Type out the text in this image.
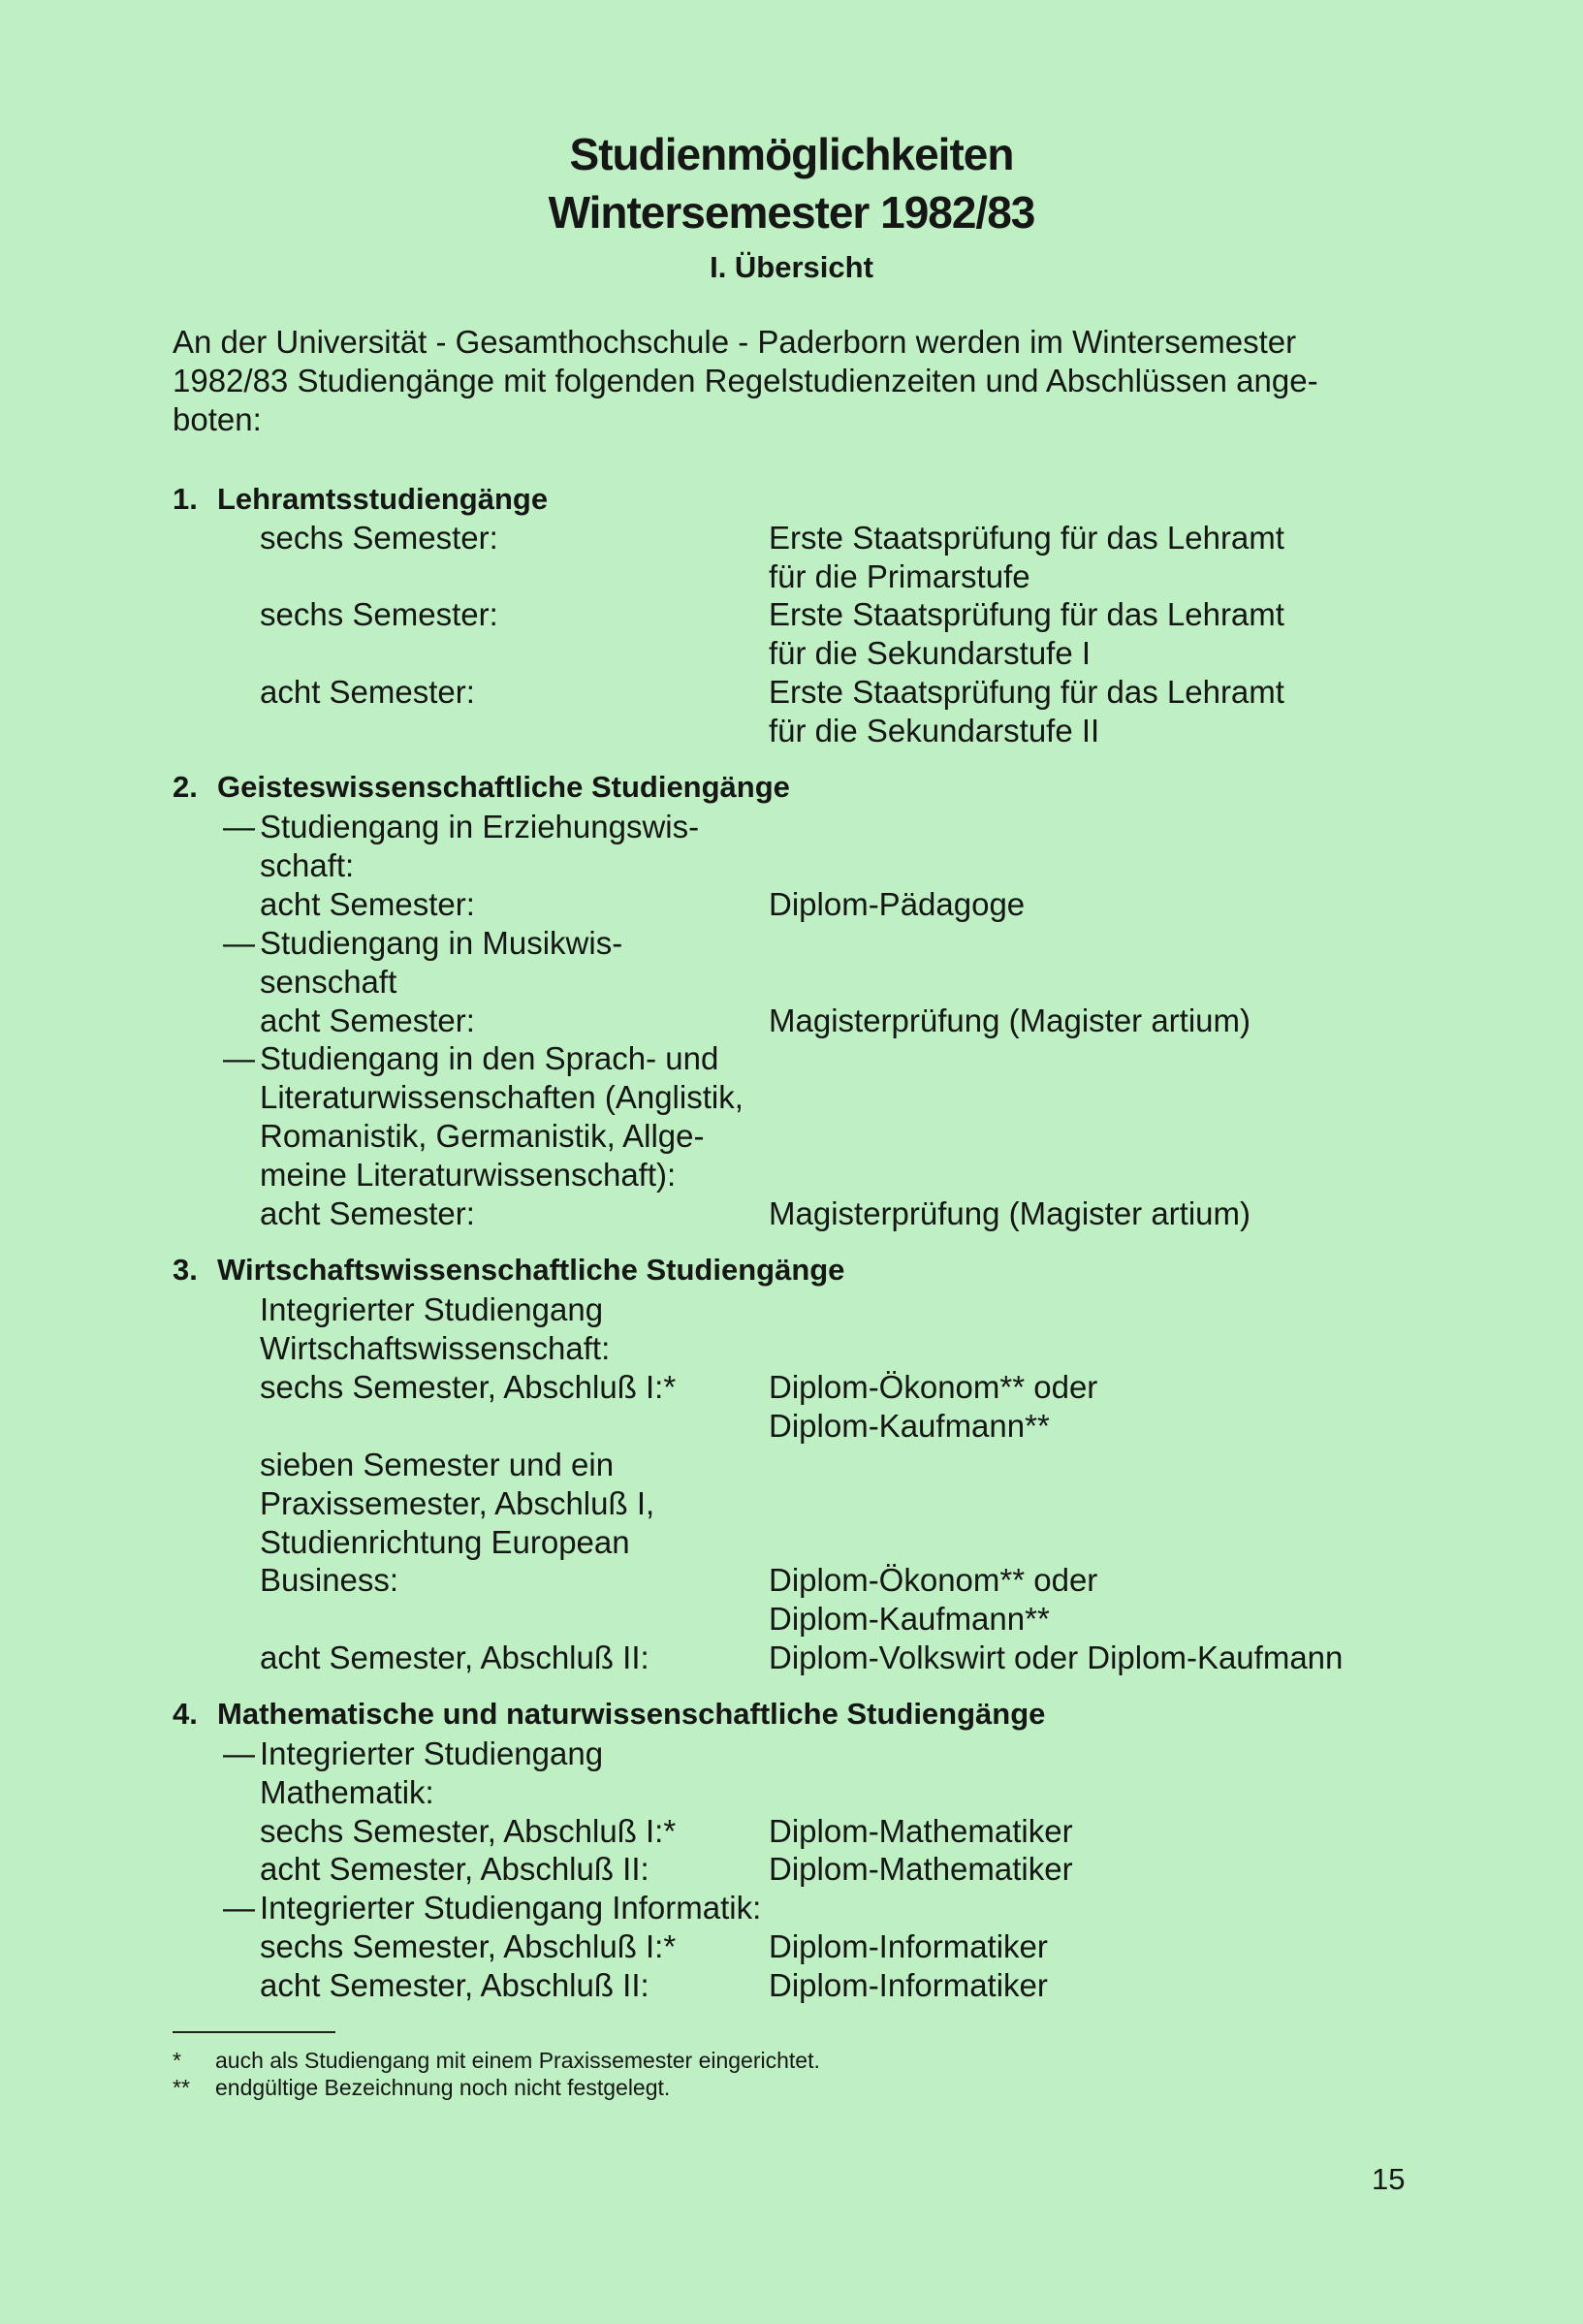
Studienmöglichkeiten
Wintersemester 1982/83
I. Übersicht
An der Universität - Gesamthochschule - Paderborn werden im Wintersemester
1982/83 Studiengänge mit folgenden Regelstudienzeiten und Abschlüssen ange-
boten:
1. Lehramtsstudiengänge
sechs Semester:	Erste Staatsprüfung für das Lehramt
für die Primarstufe
sechs Semester:	Erste Staatsprüfung für das Lehramt
für die Sekundarstufe I
acht Semester:	Erste Staatsprüfung für das Lehramt
für die Sekundarstufe II
2. Geisteswissenschaftliche Studiengänge
— Studiengang in Erziehungswis-
schaft:
acht Semester:	Diplom-Pädagoge
— Studiengang in Musikwis-
senschaft
acht Semester:	Magisterprüfung (Magister artium)
— Studiengang in den Sprach- und
Literaturwissenschaften (Anglistik,
Romanistik, Germanistik, Allge-
meine Literaturwissenschaft):
acht Semester:	Magisterprüfung (Magister artium)
3. Wirtschaftswissenschaftliche Studiengänge
Integrierter Studiengang
Wirtschaftswissenschaft:
sechs Semester, Abschluß I:*	Diplom-Ökonom** oder
Diplom-Kaufmann**
sieben Semester und ein
Praxissemester, Abschluß I,
Studienrichtung European
Business:	Diplom-Ökonom** oder
Diplom-Kaufmann**
acht Semester, Abschluß II:	Diplom-Volkswirt oder Diplom-Kaufmann
4. Mathematische und naturwissenschaftliche Studiengänge
— Integrierter Studiengang
Mathematik:
sechs Semester, Abschluß I:*	Diplom-Mathematiker
acht Semester, Abschluß II:	Diplom-Mathematiker
— Integrierter Studiengang Informatik:
sechs Semester, Abschluß I:*	Diplom-Informatiker
acht Semester, Abschluß II:	Diplom-Informatiker
* auch als Studiengang mit einem Praxissemester eingerichtet.
** endgültige Bezeichnung noch nicht festgelegt.
15
